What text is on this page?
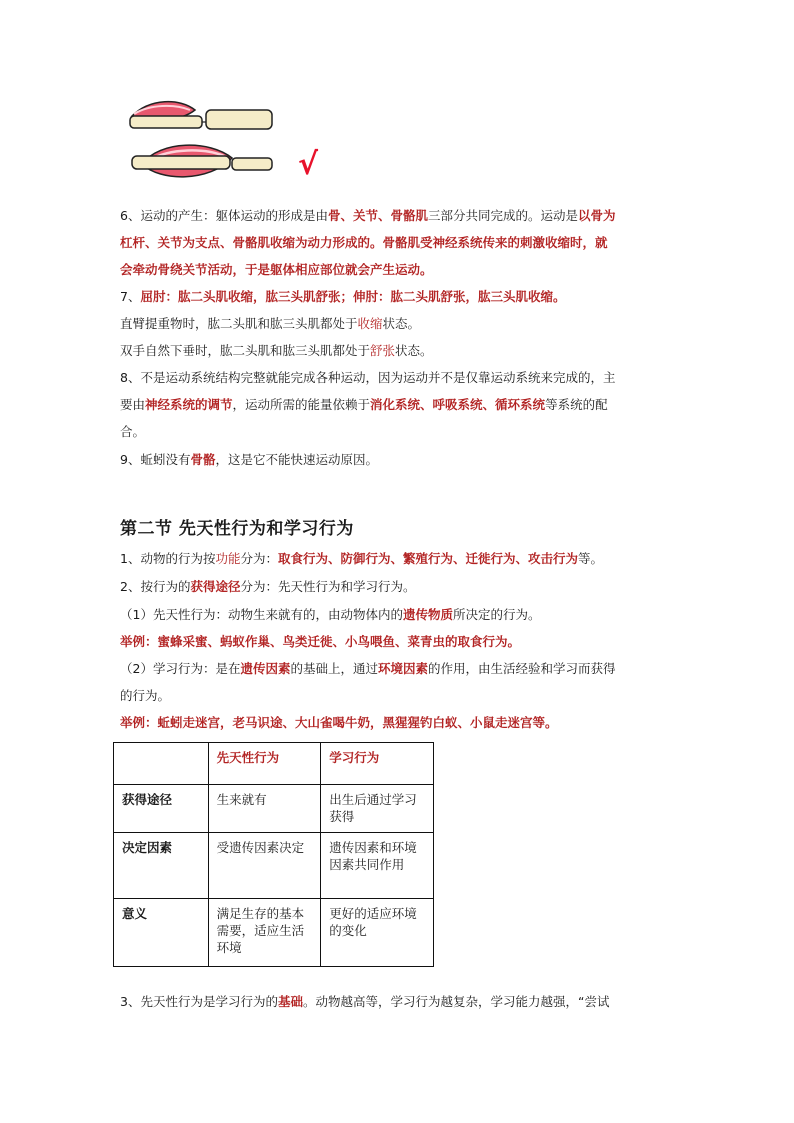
√
6、运动的产生：躯体运动的形成是由骨、关节、骨骼肌三部分共同完成的。运动是以骨为
杠杆、关节为支点、骨骼肌收缩为动力形成的。骨骼肌受神经系统传来的刺激收缩时，就
会牵动骨绕关节活动，于是躯体相应部位就会产生运动。
7、屈肘：肱二头肌收缩，肱三头肌舒张；伸肘：肱二头肌舒张，肱三头肌收缩。
直臂提重物时，肱二头肌和肱三头肌都处于收缩状态。
双手自然下垂时，肱二头肌和肱三头肌都处于舒张状态。
8、不是运动系统结构完整就能完成各种运动，因为运动并不是仅靠运动系统来完成的，主
要由神经系统的调节，运动所需的能量依赖于消化系统、呼吸系统、循环系统等系统的配
合。
9、蚯蚓没有骨骼，这是它不能快速运动原因。
第二节 先天性行为和学习行为
1、动物的行为按功能分为：取食行为、防御行为、繁殖行为、迁徙行为、攻击行为等。
2、按行为的获得途径分为：先天性行为和学习行为。
（1）先天性行为：动物生来就有的，由动物体内的遗传物质所决定的行为。
举例：蜜蜂采蜜、蚂蚁作巢、鸟类迁徙、小鸟喂鱼、菜青虫的取食行为。
（2）学习行为：是在遗传因素的基础上，通过环境因素的作用，由生活经验和学习而获得
的行为。
举例：蚯蚓走迷宫，老马识途、大山雀喝牛奶，黑猩猩钓白蚁、小鼠走迷宫等。
	先天性行为	学习行为
获得途径	生来就有	出生后通过学习获得
决定因素	受遗传因素决定	遗传因素和环境因素共同作用
意义	满足生存的基本需要，适应生活环境	更好的适应环境的变化
3、先天性行为是学习行为的基础。动物越高等，学习行为越复杂，学习能力越强，“尝试
